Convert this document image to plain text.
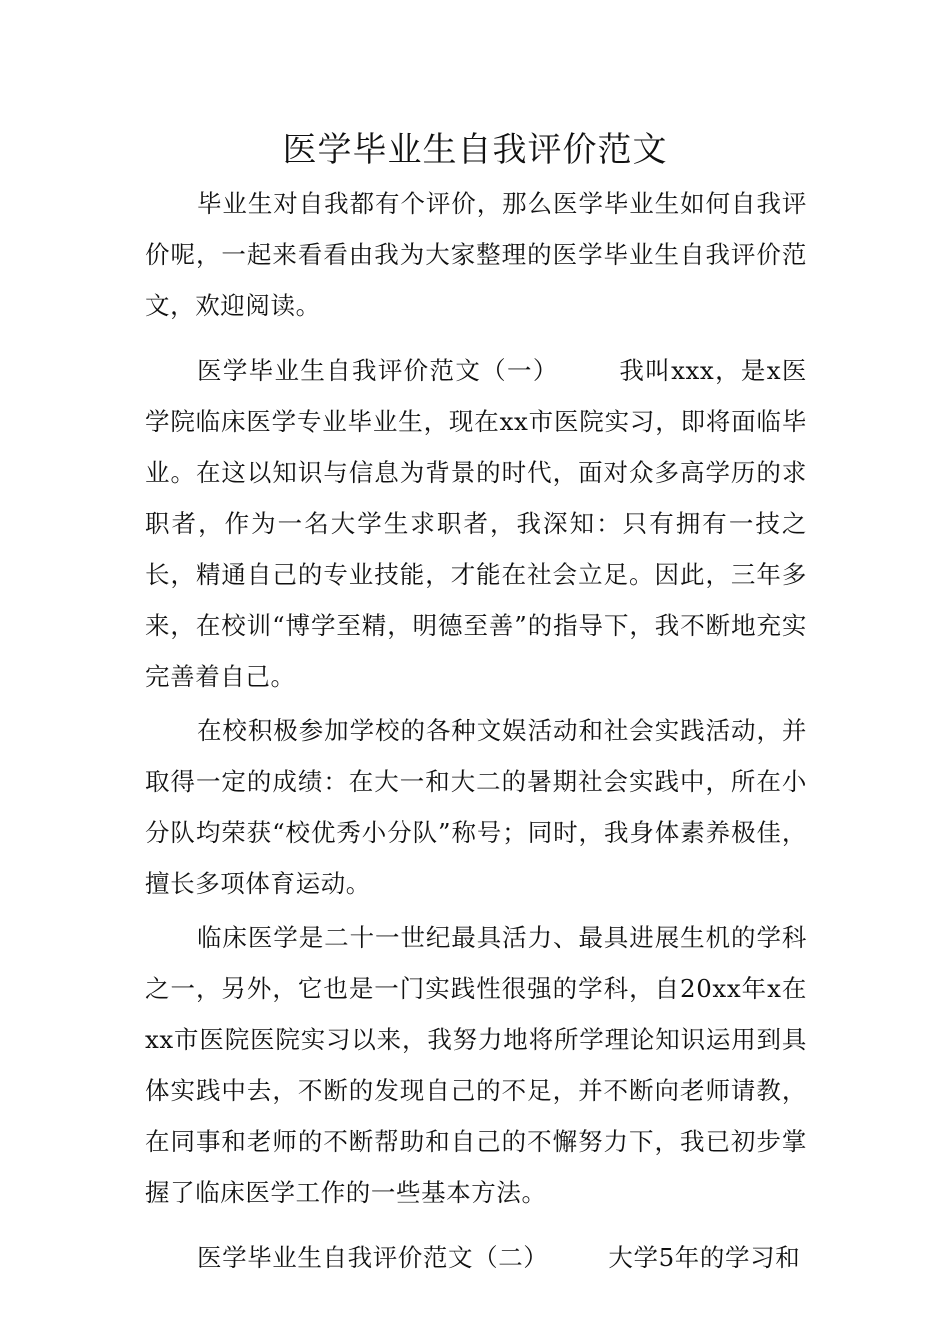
医学毕业生自我评价范文

毕业生对自我都有个评价，那么医学毕业生如何自我评价呢，一起来看看由我为大家整理的医学毕业生自我评价范文，欢迎阅读。

医学毕业生自我评价范文（一） 我叫xxx，是x医学院临床医学专业毕业生，现在xx市医院实习，即将面临毕业。在这以知识与信息为背景的时代，面对众多高学历的求职者，作为一名大学生求职者，我深知：只有拥有一技之长，精通自己的专业技能，才能在社会立足。因此，三年多来，在校训“博学至精，明德至善”的指导下，我不断地充实完善着自己。

在校积极参加学校的各种文娱活动和社会实践活动，并取得一定的成绩：在大一和大二的暑期社会实践中，所在小分队均荣获“校优秀小分队”称号；同时，我身体素养极佳，擅长多项体育运动。

临床医学是二十一世纪最具活力、最具进展生机的学科之一，另外，它也是一门实践性很强的学科，自20xx年x在xx市医院医院实习以来，我努力地将所学理论知识运用到具体实践中去，不断的发现自己的不足，并不断向老师请教，在同事和老师的不断帮助和自己的不懈努力下，我已初步掌握了临床医学工作的一些基本方法。

医学毕业生自我评价范文（二） 大学5年的学习和
